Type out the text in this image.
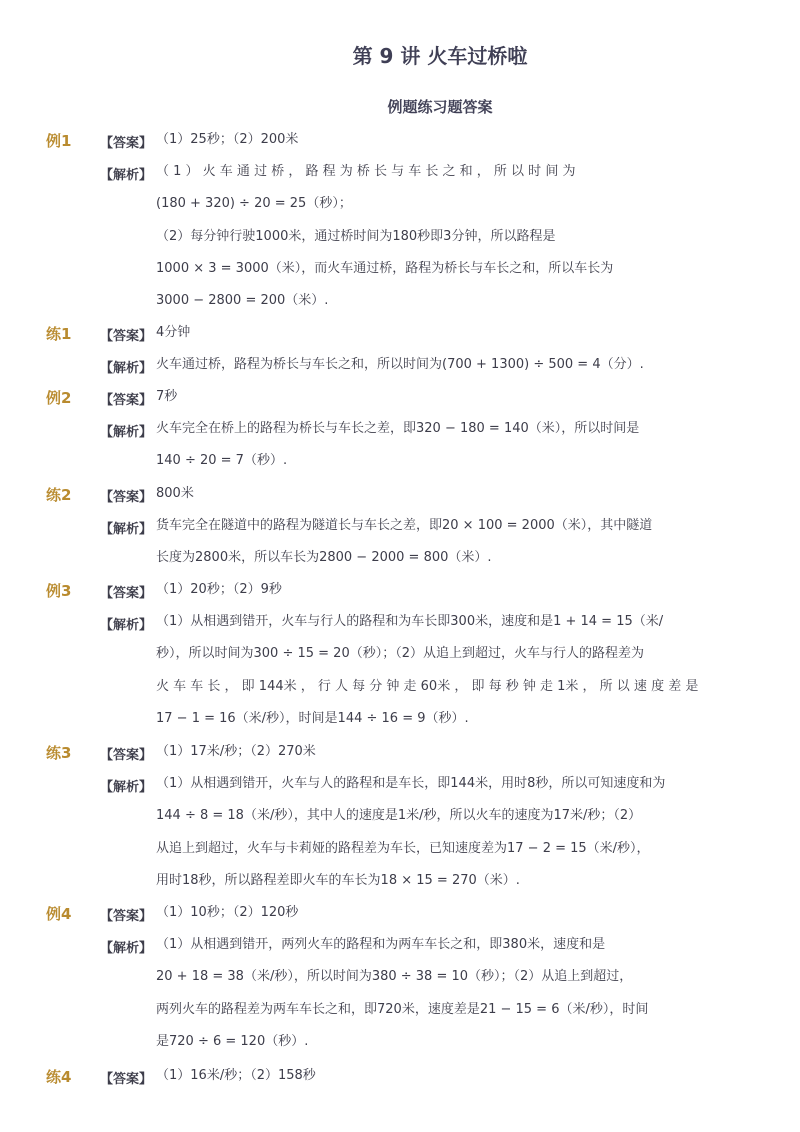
第 9 讲 火车过桥啦
例题练习题答案
例1 【答案】 （1）25秒；（2）200米
【解析】 （ 1 ） 火 车 通 过 桥 ， 路 程 为 桥 长 与 车 长 之 和 ， 所 以 时 间 为
(180 + 320) ÷ 20 = 25（秒）；
（2）每分钟行驶1000米，通过桥时间为180秒即3分钟，所以路程是
1000 × 3 = 3000（米），而火车通过桥，路程为桥长与车长之和，所以车长为
3000 − 2800 = 200（米）.
练1 【答案】 4分钟
【解析】 火车通过桥，路程为桥长与车长之和，所以时间为(700 + 1300) ÷ 500 = 4（分）.
例2 【答案】 7秒
【解析】 火车完全在桥上的路程为桥长与车长之差，即320 − 180 = 140（米），所以时间是
140 ÷ 20 = 7（秒）.
练2 【答案】 800米
【解析】 货车完全在隧道中的路程为隧道长与车长之差，即20 × 100 = 2000（米），其中隧道
长度为2800米，所以车长为2800 − 2000 = 800（米）.
例3 【答案】 （1）20秒；（2）9秒
【解析】 （1）从相遇到错开，火车与行人的路程和为车长即300米，速度和是1 + 14 = 15（米/
秒），所以时间为300 ÷ 15 = 20（秒）；（2）从追上到超过，火车与行人的路程差为
火 车 车 长 ， 即 144米 ， 行 人 每 分 钟 走 60米 ， 即 每 秒 钟 走 1米 ， 所 以 速 度 差 是
17 − 1 = 16（米/秒），时间是144 ÷ 16 = 9（秒）.
练3 【答案】 （1）17米/秒；（2）270米
【解析】 （1）从相遇到错开，火车与人的路程和是车长，即144米，用时8秒，所以可知速度和为
144 ÷ 8 = 18（米/秒），其中人的速度是1米/秒，所以火车的速度为17米/秒；（2）
从追上到超过，火车与卡莉娅的路程差为车长，已知速度差为17 − 2 = 15（米/秒），
用时18秒，所以路程差即火车的车长为18 × 15 = 270（米）.
例4 【答案】 （1）10秒；（2）120秒
【解析】 （1）从相遇到错开，两列火车的路程和为两车车长之和，即380米，速度和是
20 + 18 = 38（米/秒），所以时间为380 ÷ 38 = 10（秒）；（2）从追上到超过，
两列火车的路程差为两车车长之和，即720米，速度差是21 − 15 = 6（米/秒），时间
是720 ÷ 6 = 120（秒）.
练4 【答案】 （1）16米/秒；（2）158秒
